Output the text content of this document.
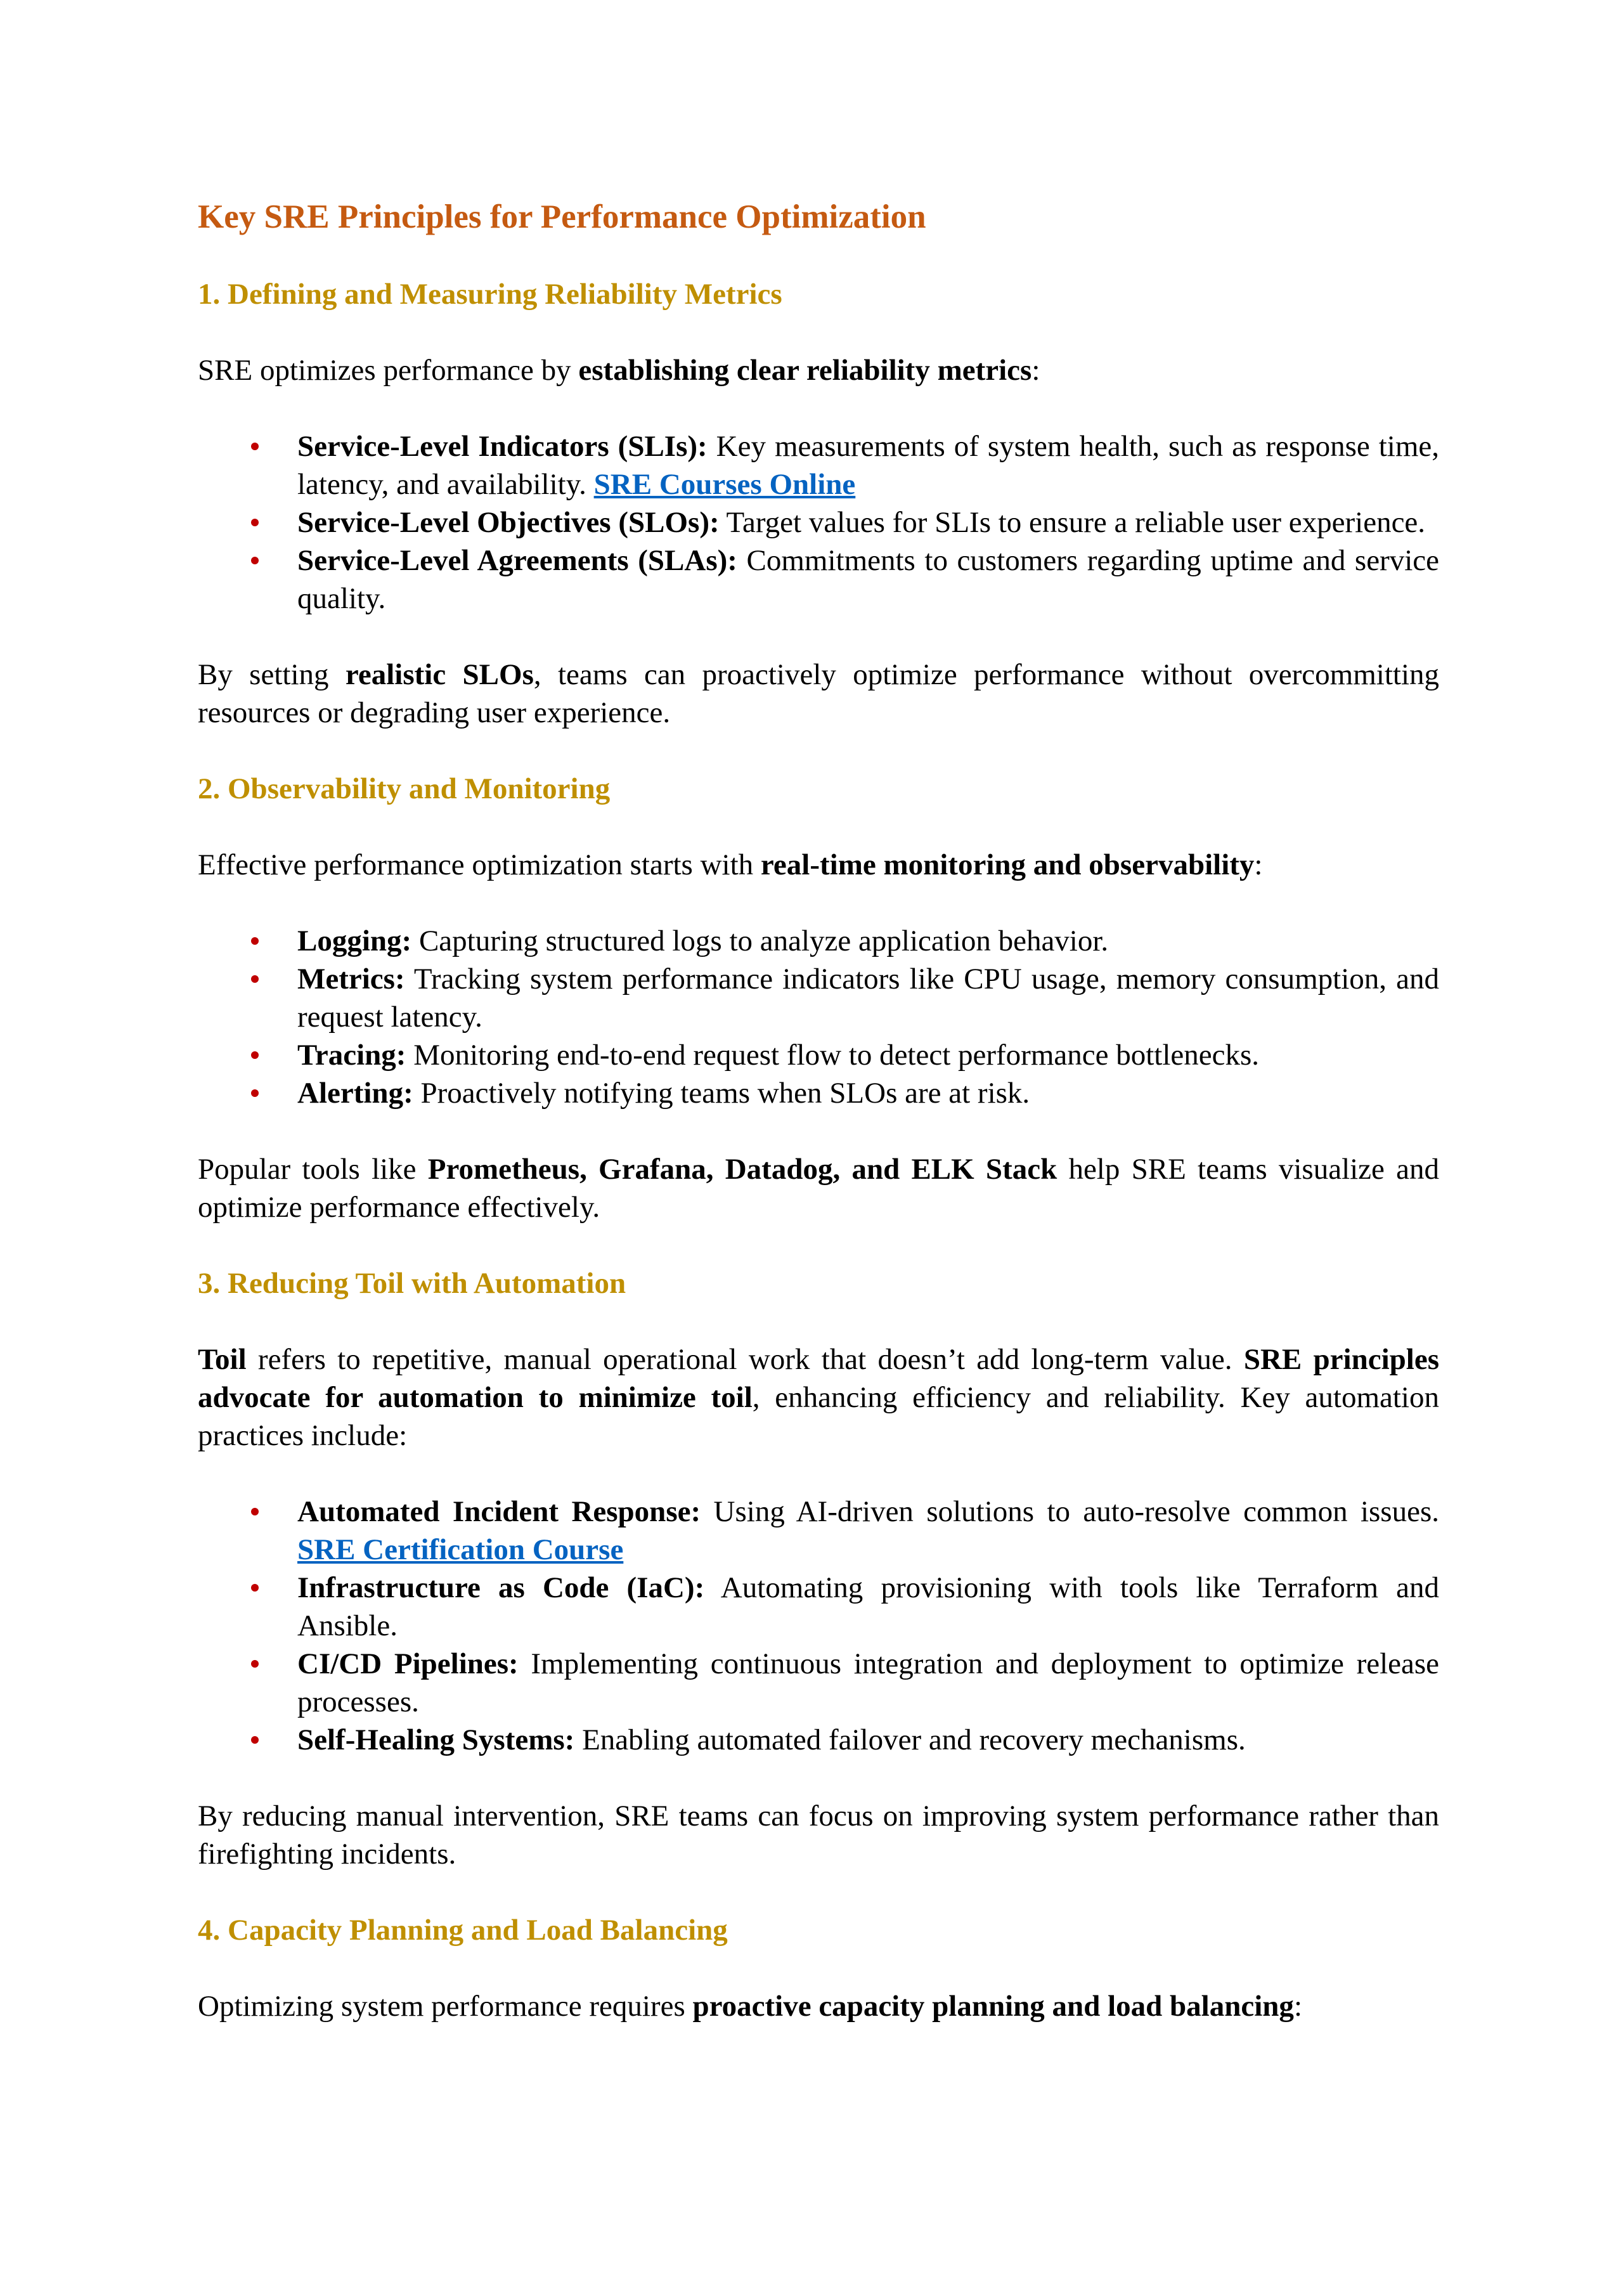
Key SRE Principles for Performance Optimization
1. Defining and Measuring Reliability Metrics

SRE optimizes performance by establishing clear reliability metrics:

Service-Level Indicators (SLIs): Key measurements of system health, such as response time, latency, and availability. SRE Courses Online
Service-Level Objectives (SLOs): Target values for SLIs to ensure a reliable user experience.
Service-Level Agreements (SLAs): Commitments to customers regarding uptime and service quality.

By setting realistic SLOs, teams can proactively optimize performance without overcommitting resources or degrading user experience.

2. Observability and Monitoring

Effective performance optimization starts with real-time monitoring and observability:

Logging: Capturing structured logs to analyze application behavior.
Metrics: Tracking system performance indicators like CPU usage, memory consumption, and request latency.
Tracing: Monitoring end-to-end request flow to detect performance bottlenecks.
Alerting: Proactively notifying teams when SLOs are at risk.

Popular tools like Prometheus, Grafana, Datadog, and ELK Stack help SRE teams visualize and optimize performance effectively.

3. Reducing Toil with Automation

Toil refers to repetitive, manual operational work that doesn’t add long-term value. SRE principles advocate for automation to minimize toil, enhancing efficiency and reliability. Key automation practices include:

Automated Incident Response: Using AI-driven solutions to auto-resolve common issues. SRE Certification Course
Infrastructure as Code (IaC): Automating provisioning with tools like Terraform and Ansible.
CI/CD Pipelines: Implementing continuous integration and deployment to optimize release processes.
Self-Healing Systems: Enabling automated failover and recovery mechanisms.

By reducing manual intervention, SRE teams can focus on improving system performance rather than firefighting incidents.

4. Capacity Planning and Load Balancing

Optimizing system performance requires proactive capacity planning and load balancing:
